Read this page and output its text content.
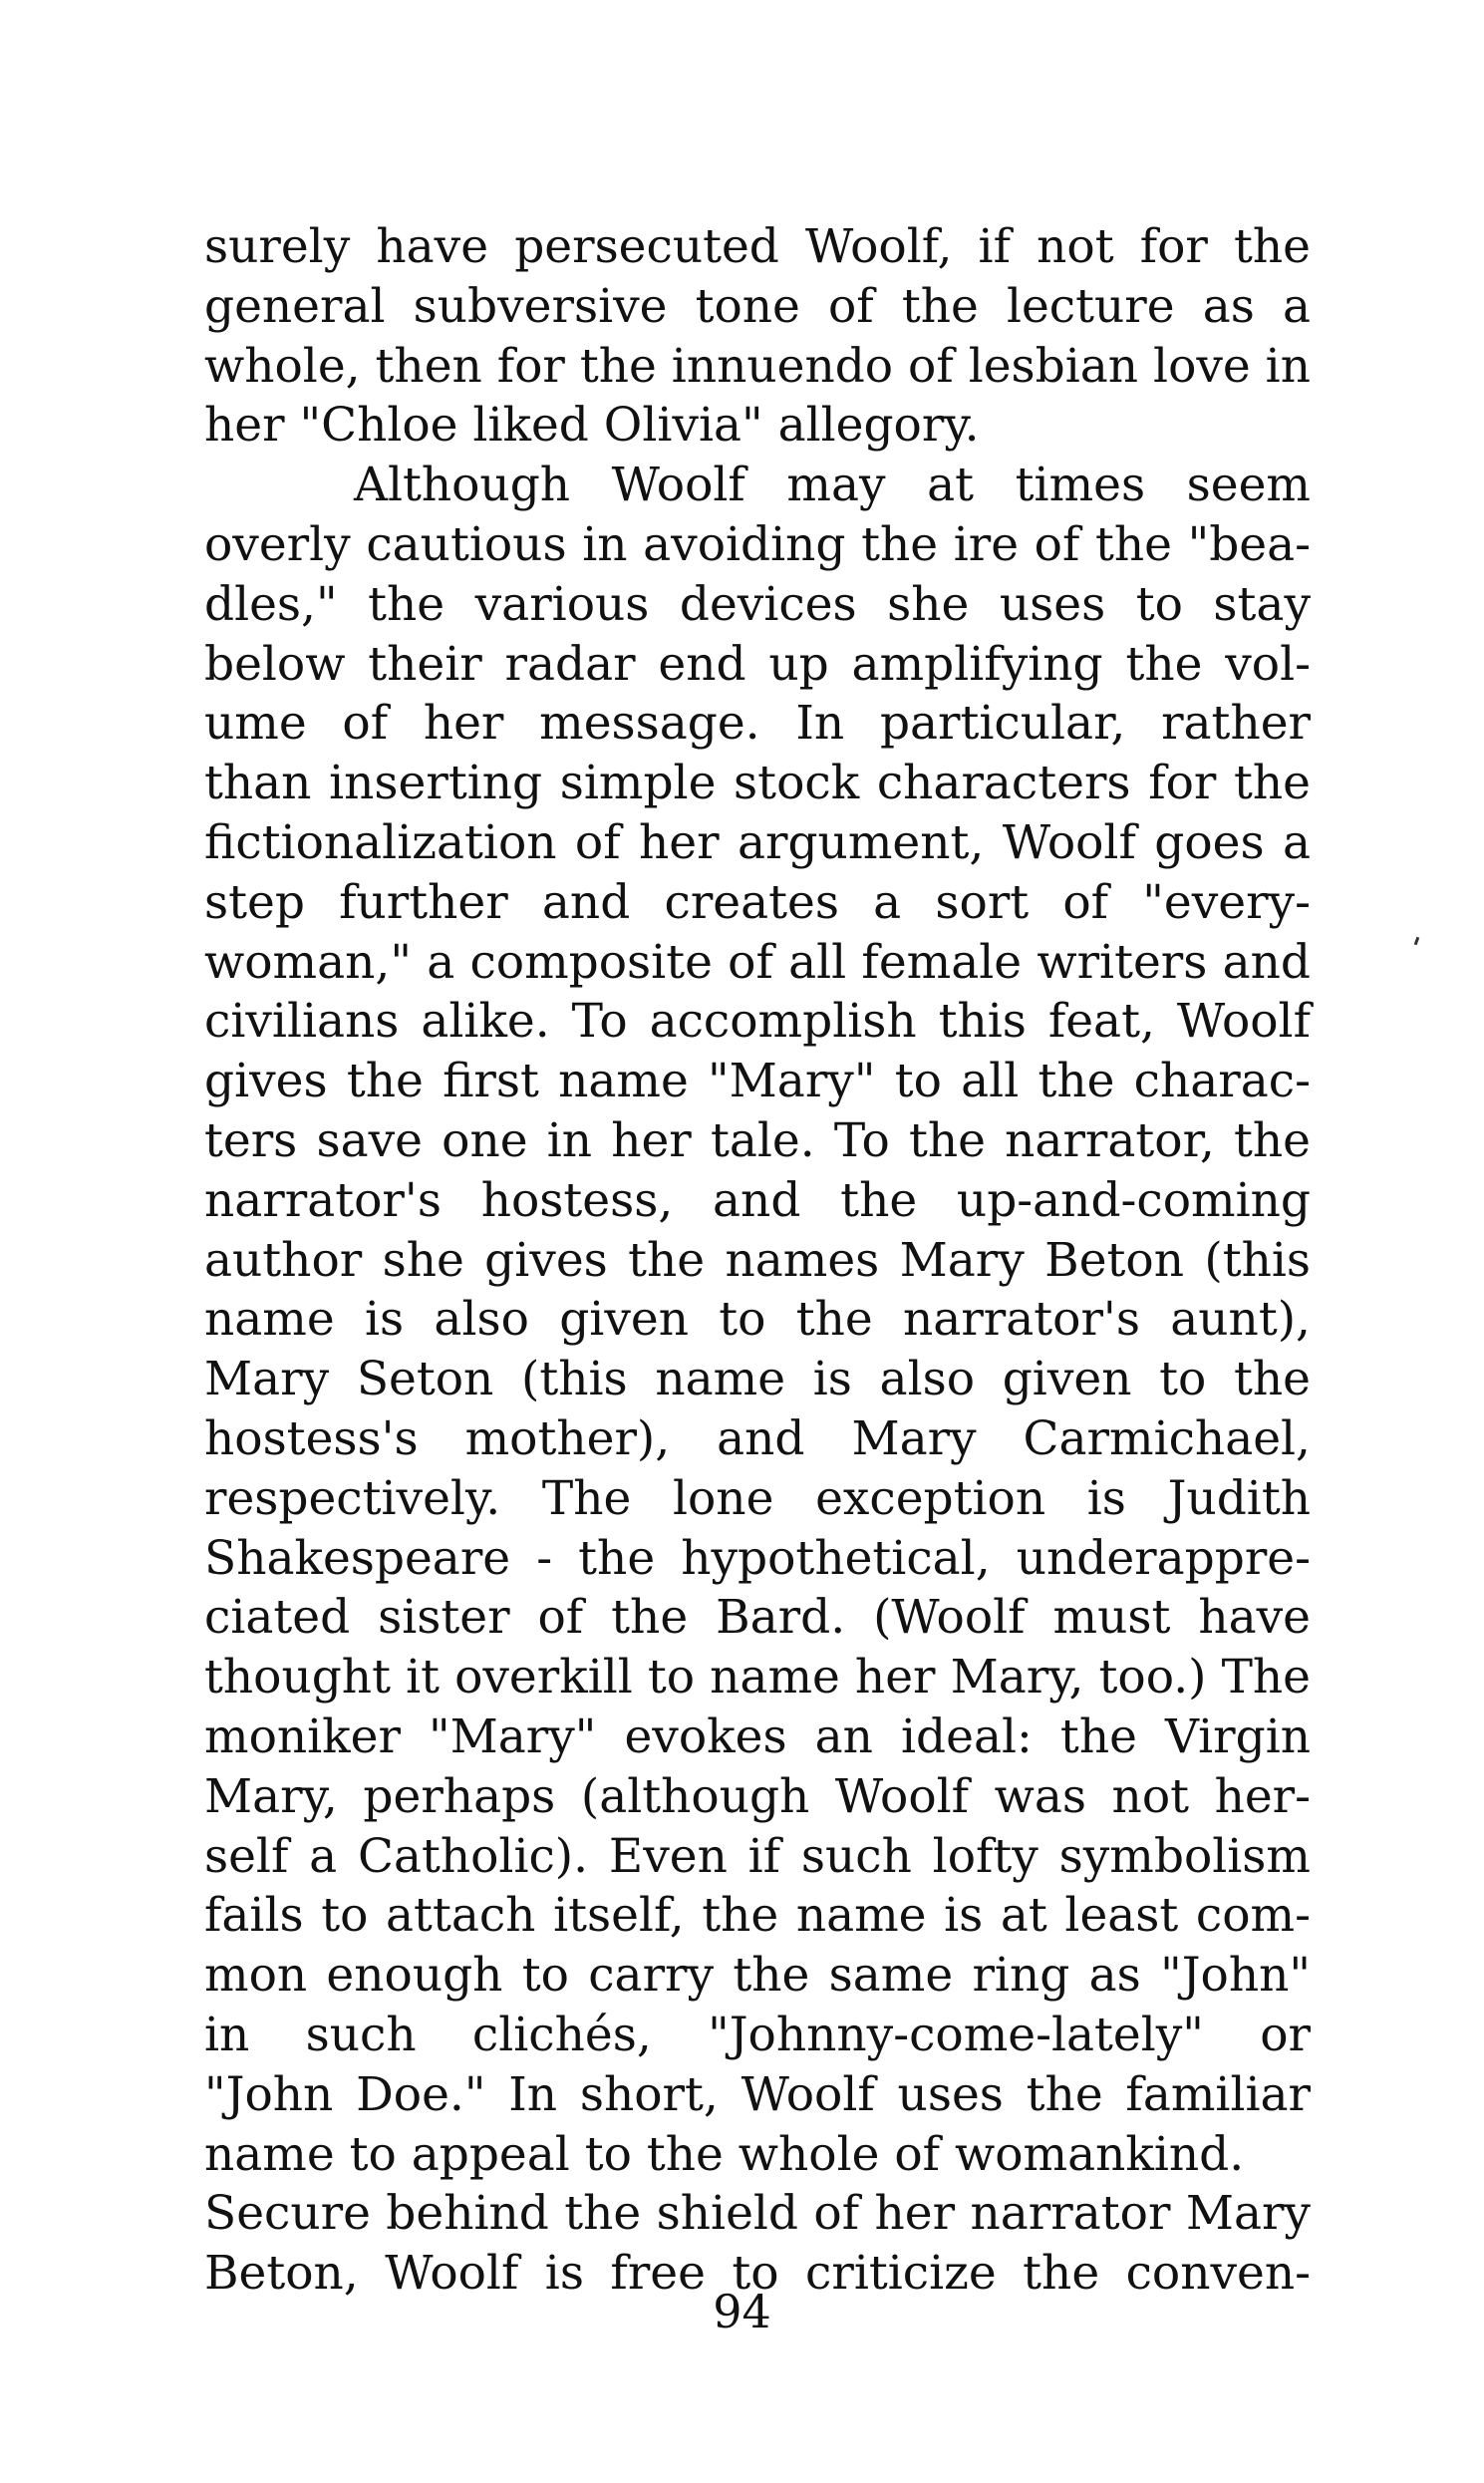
surely have persecuted Woolf, if not for the
general subversive tone of the lecture as a
whole, then for the innuendo of lesbian love in
her "Chloe liked Olivia" allegory.
Although Woolf may at times seem
overly cautious in avoiding the ire of the "bea-
dles," the various devices she uses to stay
below their radar end up amplifying the vol-
ume of her message. In particular, rather
than inserting simple stock characters for the
fictionalization of her argument, Woolf goes a
step further and creates a sort of "every-
woman," a composite of all female writers and
civilians alike. To accomplish this feat, Woolf
gives the first name "Mary" to all the charac-
ters save one in her tale. To the narrator, the
narrator's hostess, and the up-and-coming
author she gives the names Mary Beton (this
name is also given to the narrator's aunt),
Mary Seton (this name is also given to the
hostess's mother), and Mary Carmichael,
respectively. The lone exception is Judith
Shakespeare - the hypothetical, underappre-
ciated sister of the Bard. (Woolf must have
thought it overkill to name her Mary, too.) The
moniker "Mary" evokes an ideal: the Virgin
Mary, perhaps (although Woolf was not her-
self a Catholic). Even if such lofty symbolism
fails to attach itself, the name is at least com-
mon enough to carry the same ring as "John"
in such clichés, "Johnny-come-lately" or
"John Doe." In short, Woolf uses the familiar
name to appeal to the whole of womankind.
Secure behind the shield of her narrator Mary
Beton, Woolf is free to criticize the conven-
94
